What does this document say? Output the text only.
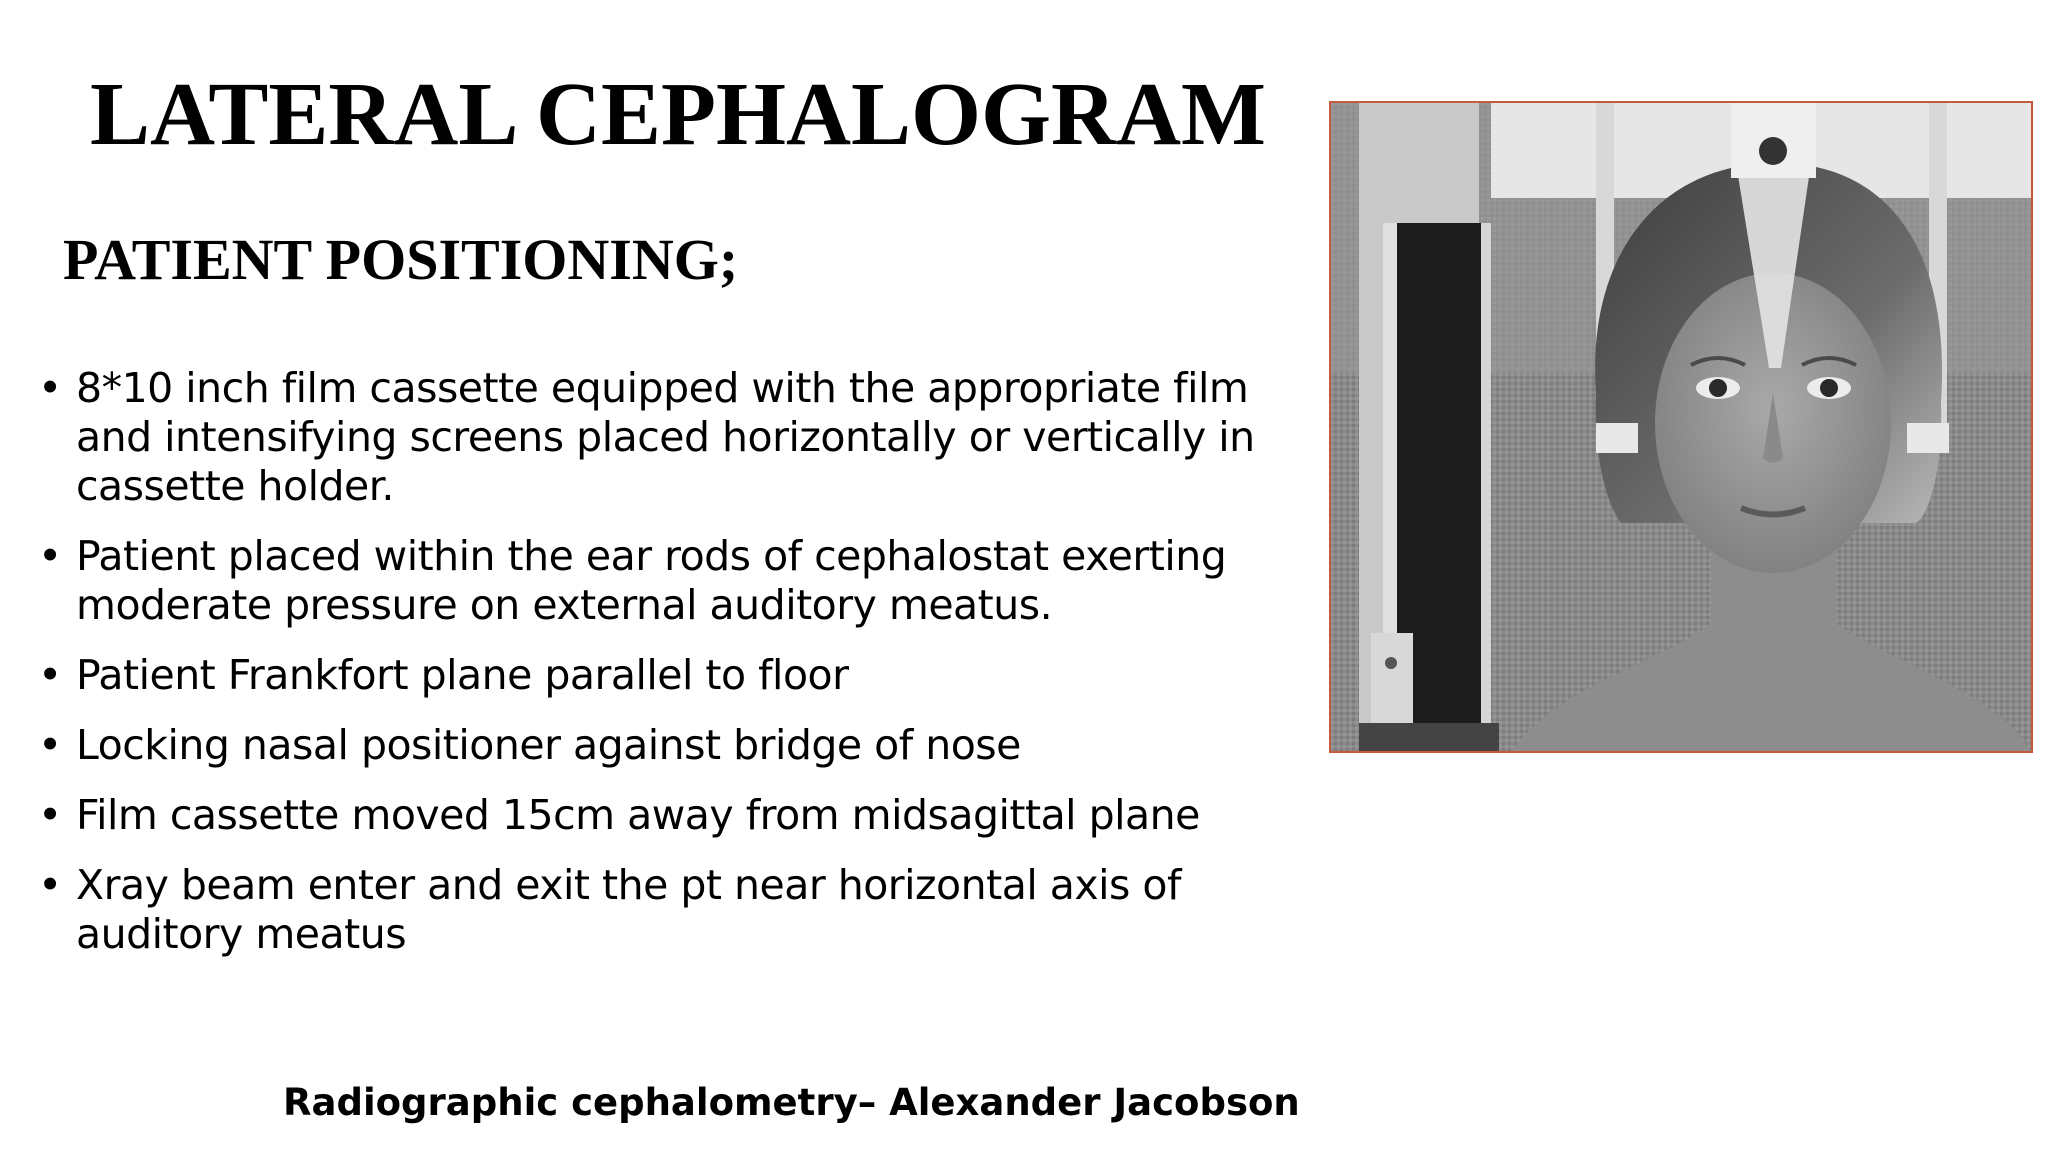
LATERAL CEPHALOGRAM
PATIENT POSITIONING;
• 8*10 inch film cassette equipped with the appropriate film and intensifying screens placed horizontally or vertically in cassette holder.
• Patient placed within the ear rods of cephalostat exerting moderate pressure on external auditory meatus.
• Patient Frankfort plane parallel to floor
• Locking nasal positioner against bridge of nose
• Film cassette moved 15cm away from midsagittal plane
• Xray beam enter and exit the pt near horizontal axis of auditory meatus

Radiographic cephalometry– Alexander Jacobson
